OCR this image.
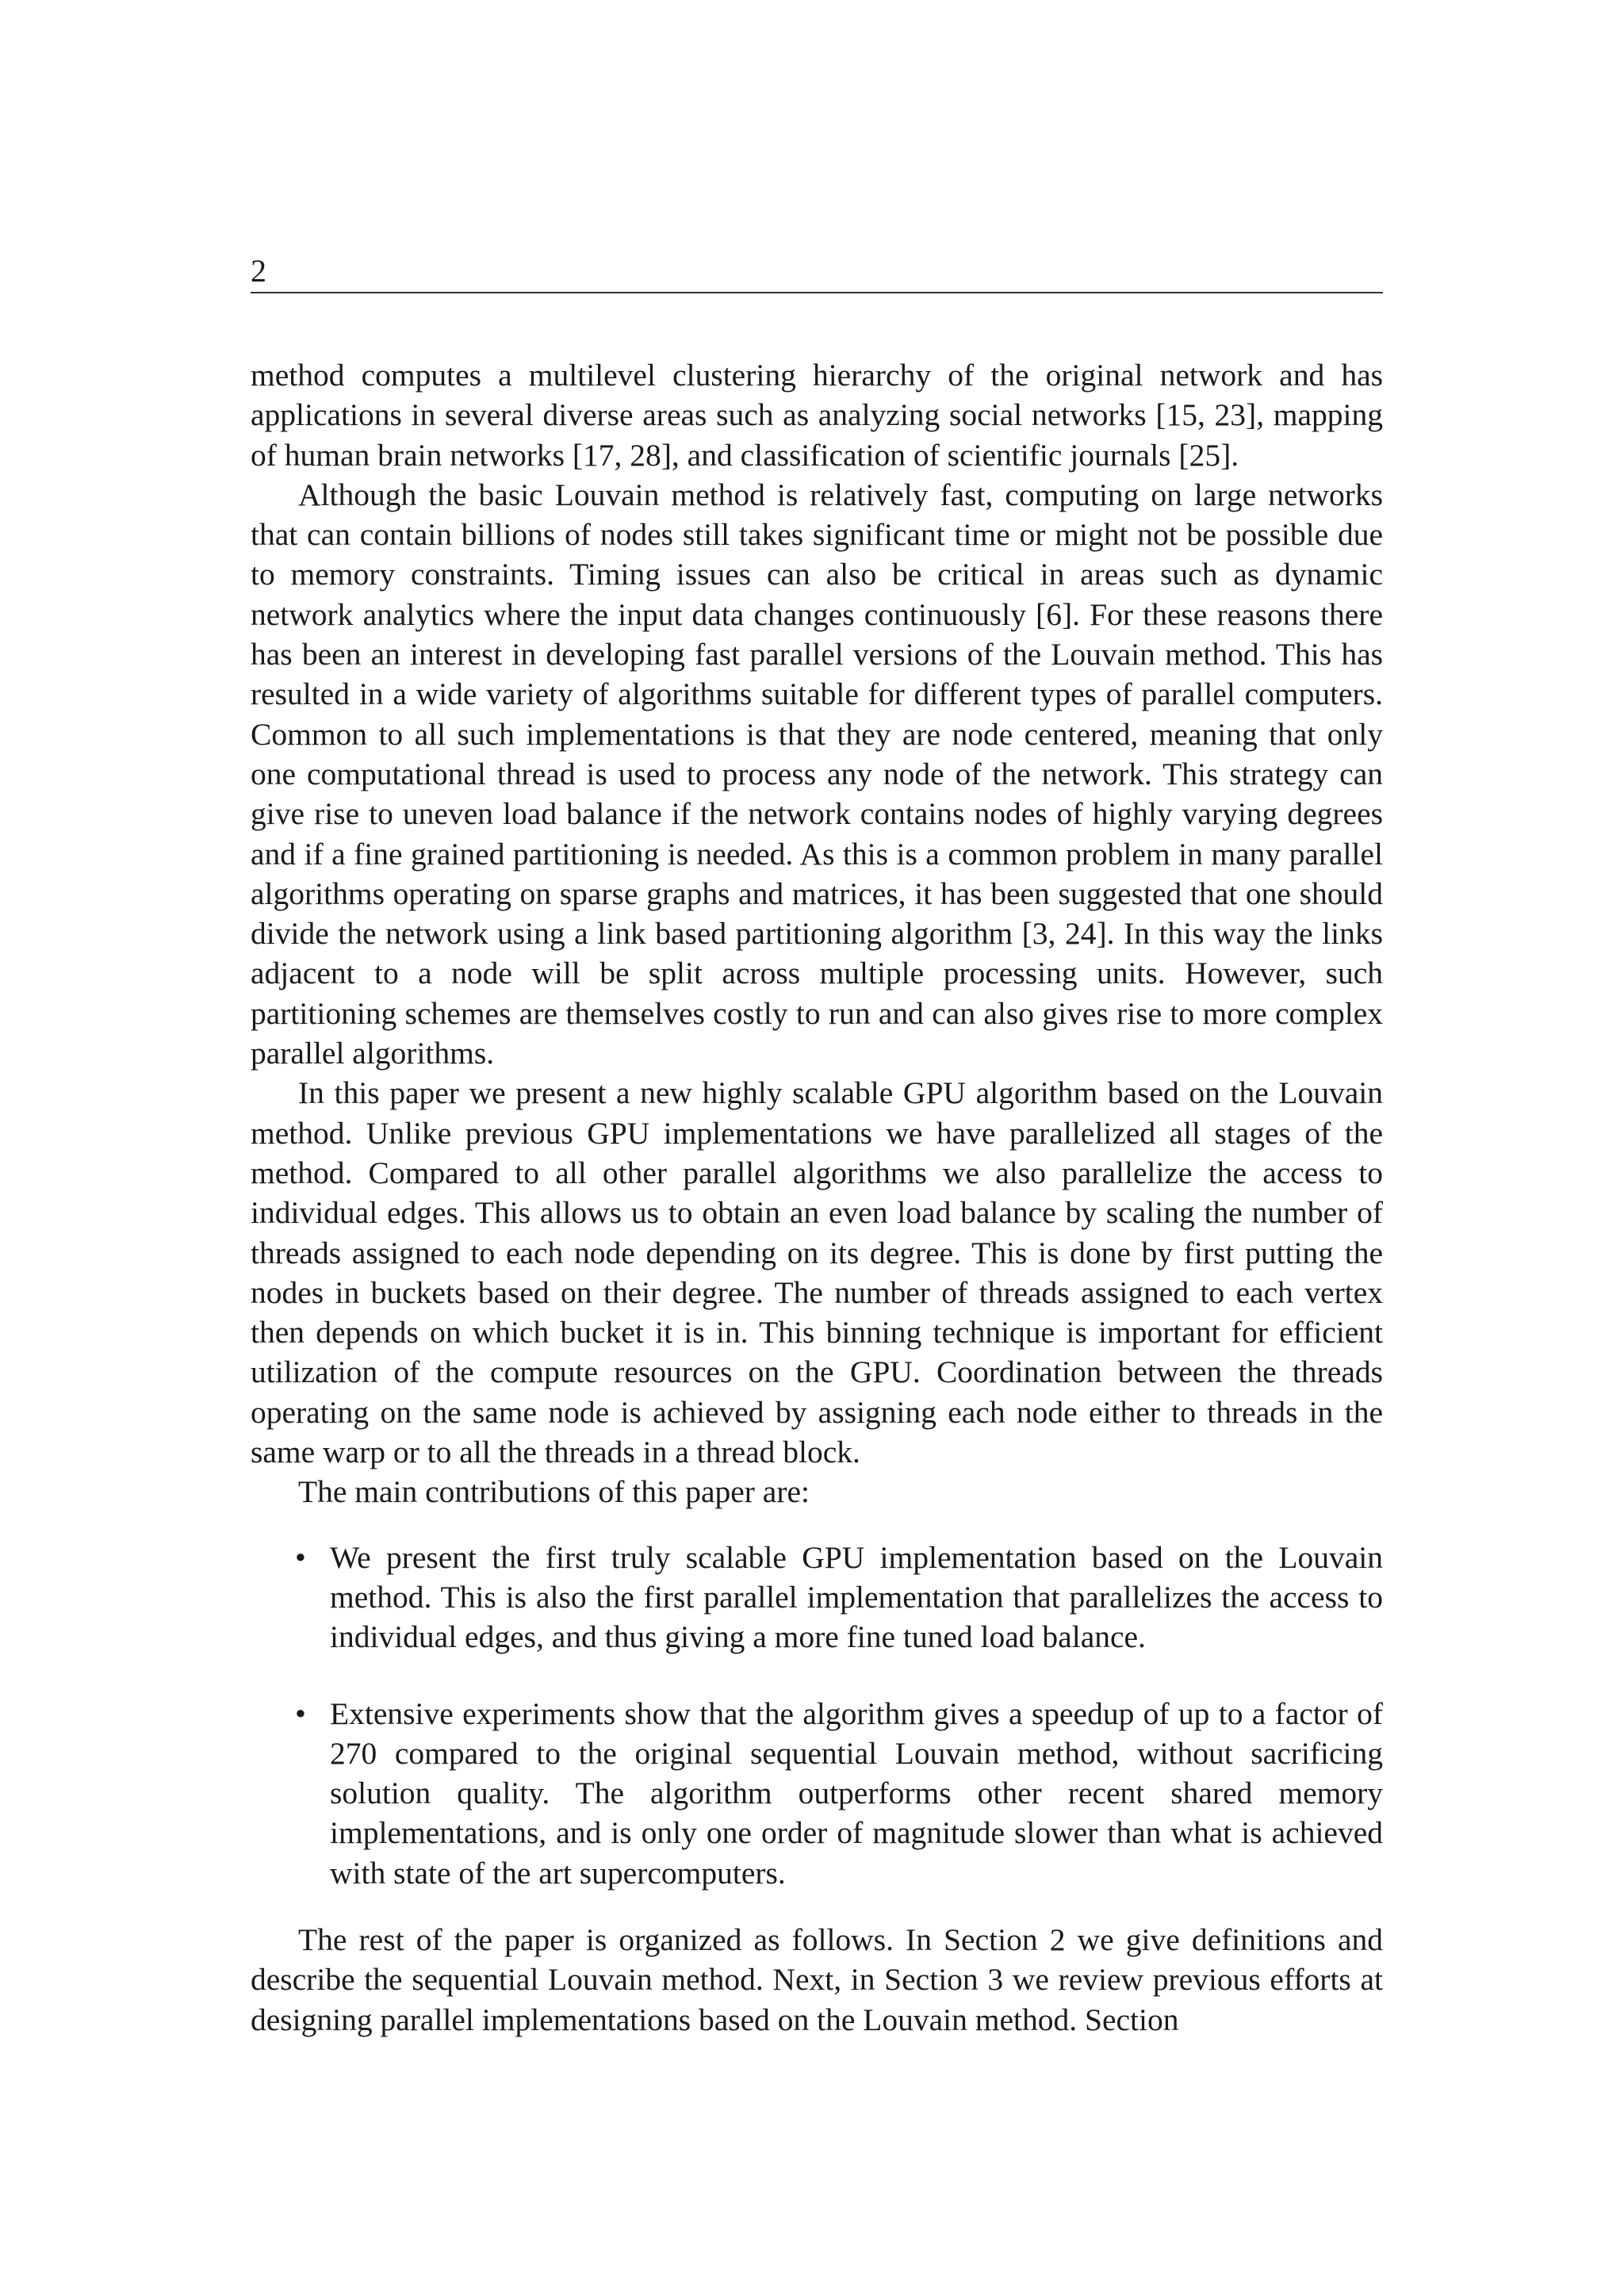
2

method computes a multilevel clustering hierarchy of the original network and has applications in several diverse areas such as analyzing social networks [15, 23], mapping of human brain networks [17, 28], and classification of scientific journals [25].

Although the basic Louvain method is relatively fast, computing on large networks that can contain billions of nodes still takes significant time or might not be possible due to memory constraints. Timing issues can also be critical in areas such as dynamic network analytics where the input data changes continuously [6]. For these reasons there has been an interest in developing fast parallel versions of the Louvain method. This has resulted in a wide variety of algorithms suitable for different types of parallel computers. Common to all such implementations is that they are node centered, meaning that only one computational thread is used to process any node of the network. This strategy can give rise to uneven load balance if the network contains nodes of highly varying degrees and if a fine grained partitioning is needed. As this is a common problem in many parallel algorithms operating on sparse graphs and matrices, it has been suggested that one should divide the network using a link based partitioning algorithm [3, 24]. In this way the links adjacent to a node will be split across multiple processing units. However, such partitioning schemes are themselves costly to run and can also gives rise to more complex parallel algorithms.

In this paper we present a new highly scalable GPU algorithm based on the Louvain method. Unlike previous GPU implementations we have parallelized all stages of the method. Compared to all other parallel algorithms we also parallelize the access to individual edges. This allows us to obtain an even load balance by scaling the number of threads assigned to each node depending on its degree. This is done by first putting the nodes in buckets based on their degree. The number of threads assigned to each vertex then depends on which bucket it is in. This binning technique is important for efficient utilization of the compute resources on the GPU. Coordination between the threads operating on the same node is achieved by assigning each node either to threads in the same warp or to all the threads in a thread block.

The main contributions of this paper are:

• We present the first truly scalable GPU implementation based on the Louvain method. This is also the first parallel implementation that parallelizes the access to individual edges, and thus giving a more fine tuned load balance.
• Extensive experiments show that the algorithm gives a speedup of up to a factor of 270 compared to the original sequential Louvain method, without sacrificing solution quality. The algorithm outperforms other recent shared memory implementations, and is only one order of magnitude slower than what is achieved with state of the art supercomputers.

The rest of the paper is organized as follows. In Section 2 we give definitions and describe the sequential Louvain method. Next, in Section 3 we review previous efforts at designing parallel implementations based on the Louvain method. Section
